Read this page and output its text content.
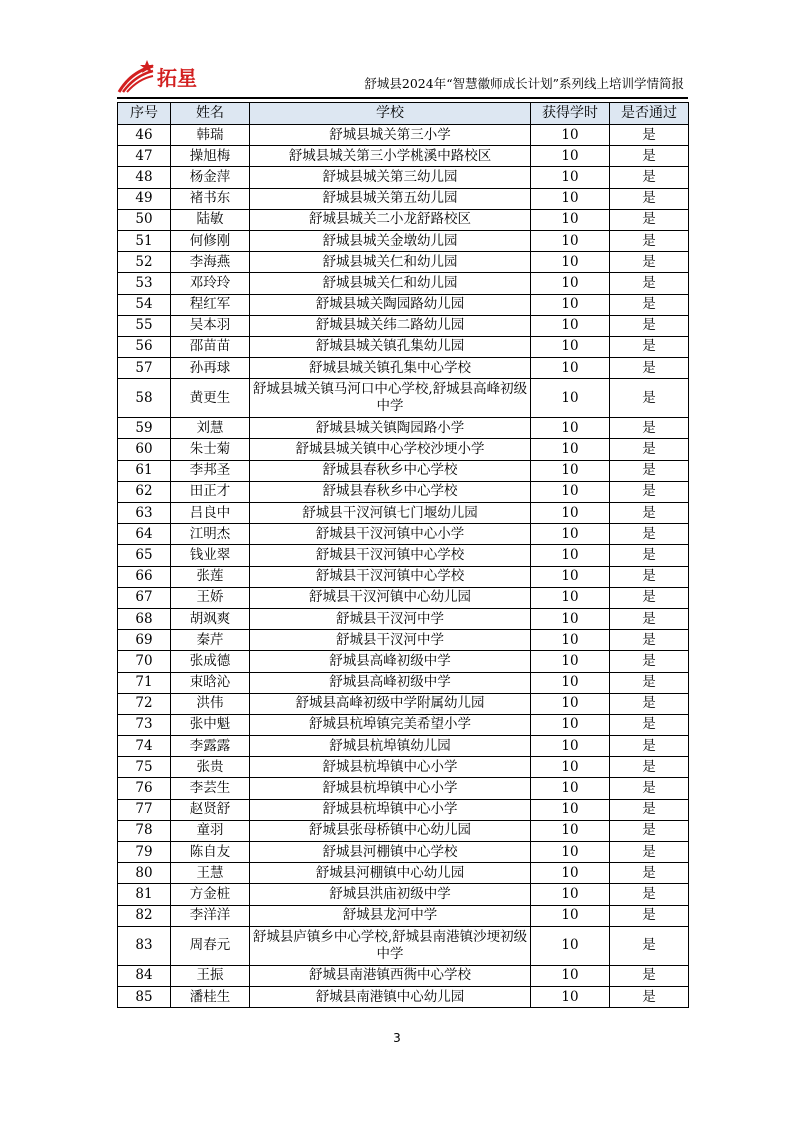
拓星	舒城县2024年“智慧徽师成长计划”系列线上培训学情简报
序号	姓名	学校	获得学时	是否通过
46	韩瑞	舒城县城关第三小学	10	是
47	操旭梅	舒城县城关第三小学桃溪中路校区	10	是
48	杨金萍	舒城县城关第三幼儿园	10	是
49	褚书东	舒城县城关第五幼儿园	10	是
50	陆敏	舒城县城关二小龙舒路校区	10	是
51	何修刚	舒城县城关金墩幼儿园	10	是
52	李海燕	舒城县城关仁和幼儿园	10	是
53	邓玲玲	舒城县城关仁和幼儿园	10	是
54	程红军	舒城县城关陶园路幼儿园	10	是
55	吴本羽	舒城县城关纬二路幼儿园	10	是
56	邵苗苗	舒城县城关镇孔集幼儿园	10	是
57	孙再球	舒城县城关镇孔集中心学校	10	是
58	黄更生	舒城县城关镇马河口中心学校,舒城县高峰初级中学	10	是
59	刘慧	舒城县城关镇陶园路小学	10	是
60	朱士菊	舒城县城关镇中心学校沙埂小学	10	是
61	李邦圣	舒城县春秋乡中心学校	10	是
62	田正才	舒城县春秋乡中心学校	10	是
63	吕良中	舒城县干汊河镇七门堰幼儿园	10	是
64	江明杰	舒城县干汊河镇中心小学	10	是
65	钱业翠	舒城县干汊河镇中心学校	10	是
66	张莲	舒城县干汊河镇中心学校	10	是
67	王娇	舒城县干汊河镇中心幼儿园	10	是
68	胡飒爽	舒城县干汊河中学	10	是
69	秦芹	舒城县干汊河中学	10	是
70	张成德	舒城县高峰初级中学	10	是
71	束晗沁	舒城县高峰初级中学	10	是
72	洪伟	舒城县高峰初级中学附属幼儿园	10	是
73	张中魁	舒城县杭埠镇完美希望小学	10	是
74	李露露	舒城县杭埠镇幼儿园	10	是
75	张贵	舒城县杭埠镇中心小学	10	是
76	李芸生	舒城县杭埠镇中心小学	10	是
77	赵贤舒	舒城县杭埠镇中心小学	10	是
78	童羽	舒城县张母桥镇中心幼儿园	10	是
79	陈自友	舒城县河棚镇中心学校	10	是
80	王慧	舒城县河棚镇中心幼儿园	10	是
81	方金桩	舒城县洪庙初级中学	10	是
82	李洋洋	舒城县龙河中学	10	是
83	周春元	舒城县庐镇乡中心学校,舒城县南港镇沙埂初级中学	10	是
84	王振	舒城县南港镇西衖中心学校	10	是
85	潘桂生	舒城县南港镇中心幼儿园	10	是
3
